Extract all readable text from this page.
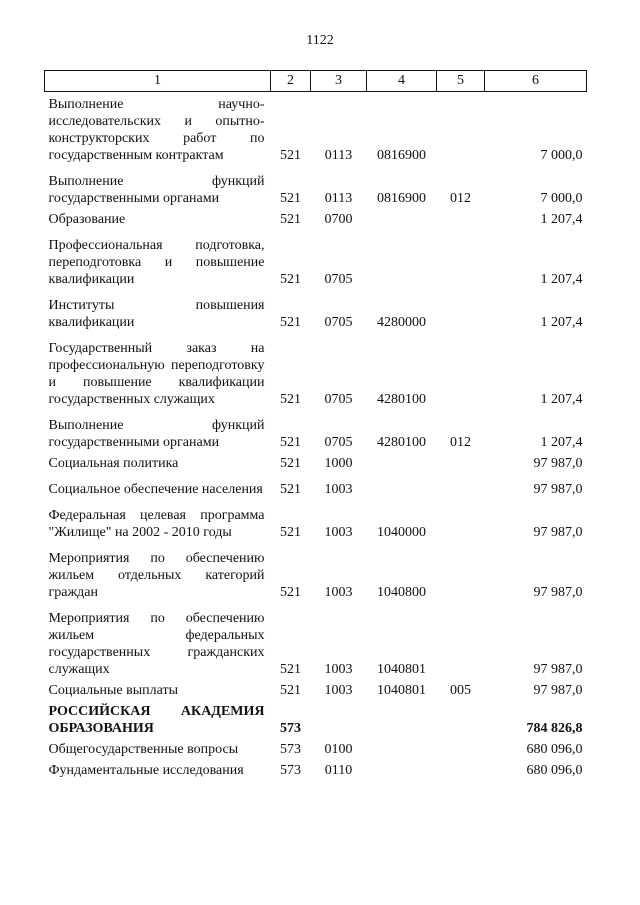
1122
1	2	3	4	5	6
Выполнение научно-исследовательских и опытно-конструкторских работ по государственным контрактам	521	0113	0816900		7 000,0
Выполнение функций государственными органами	521	0113	0816900	012	7 000,0
Образование	521	0700			1 207,4
Профессиональная подготовка, переподготовка и повышение квалификации	521	0705			1 207,4
Институты повышения квалификации	521	0705	4280000		1 207,4
Государственный заказ на профессиональную переподготовку и повышение квалификации государственных служащих	521	0705	4280100		1 207,4
Выполнение функций государственными органами	521	0705	4280100	012	1 207,4
Социальная политика	521	1000			97 987,0
Социальное обеспечение населения	521	1003			97 987,0
Федеральная целевая программа "Жилище" на 2002 - 2010 годы	521	1003	1040000		97 987,0
Мероприятия по обеспечению жильем отдельных категорий граждан	521	1003	1040800		97 987,0
Мероприятия по обеспечению жильем федеральных государственных гражданских служащих	521	1003	1040801		97 987,0
Социальные выплаты	521	1003	1040801	005	97 987,0
РОССИЙСКАЯ АКАДЕМИЯ ОБРАЗОВАНИЯ	573				784 826,8
Общегосударственные вопросы	573	0100			680 096,0
Фундаментальные исследования	573	0110			680 096,0
